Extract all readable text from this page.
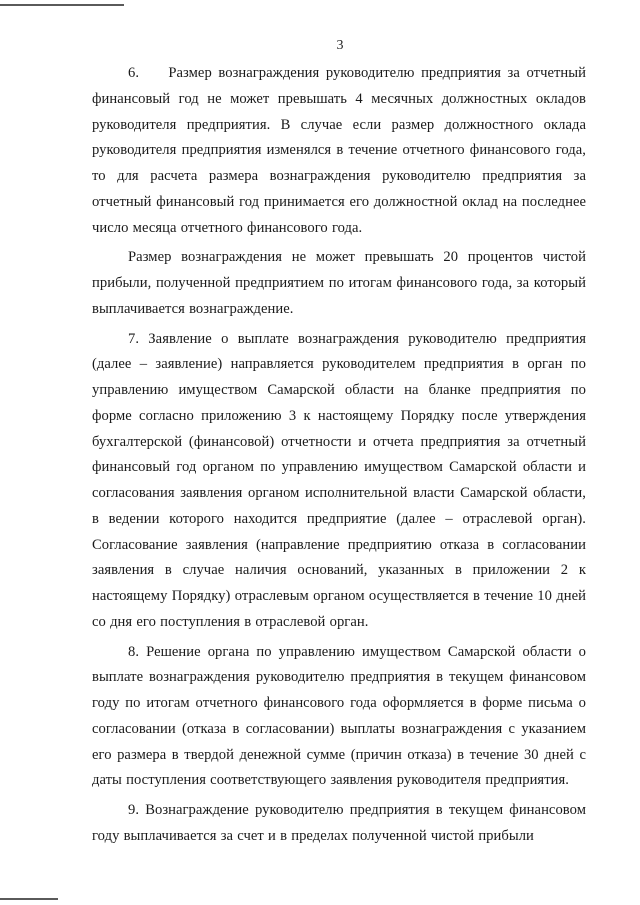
3

6.  Размер вознаграждения руководителю предприятия за отчетный финансовый год не может превышать 4 месячных должностных окладов руководителя предприятия. В случае если размер должностного оклада руководителя предприятия изменялся в течение отчетного финансового года, то для расчета размера вознаграждения руководителю предприятия за отчетный финансовый год принимается его должностной оклад на последнее число месяца отчетного финансового года.

Размер вознаграждения не может превышать 20 процентов чистой прибыли, полученной предприятием по итогам финансового года, за который выплачивается вознаграждение.

7. Заявление о выплате вознаграждения руководителю предприятия (далее – заявление) направляется руководителем предприятия в орган по управлению имуществом Самарской области на бланке предприятия по форме согласно приложению 3 к настоящему Порядку после утверждения бухгалтерской (финансовой) отчетности и отчета предприятия за отчетный финансовый год органом по управлению имуществом Самарской области и согласования заявления органом исполнительной власти Самарской области, в ведении которого находится предприятие (далее – отраслевой орган). Согласование заявления (направление предприятию отказа в согласовании заявления в случае наличия оснований, указанных в приложении 2 к настоящему Порядку) отраслевым органом осуществляется в течение 10 дней со дня его поступления в отраслевой орган.

8. Решение органа по управлению имуществом Самарской области о выплате вознаграждения руководителю предприятия в текущем финансовом году по итогам отчетного финансового года оформляется в форме письма о согласовании (отказа в согласовании) выплаты вознаграждения с указанием его размера в твердой денежной сумме (причин отказа) в течение 30 дней с даты поступления соответствующего заявления руководителя предприятия.

9. Вознаграждение руководителю предприятия в текущем финансовом году выплачивается за счет и в пределах полученной чистой прибыли
